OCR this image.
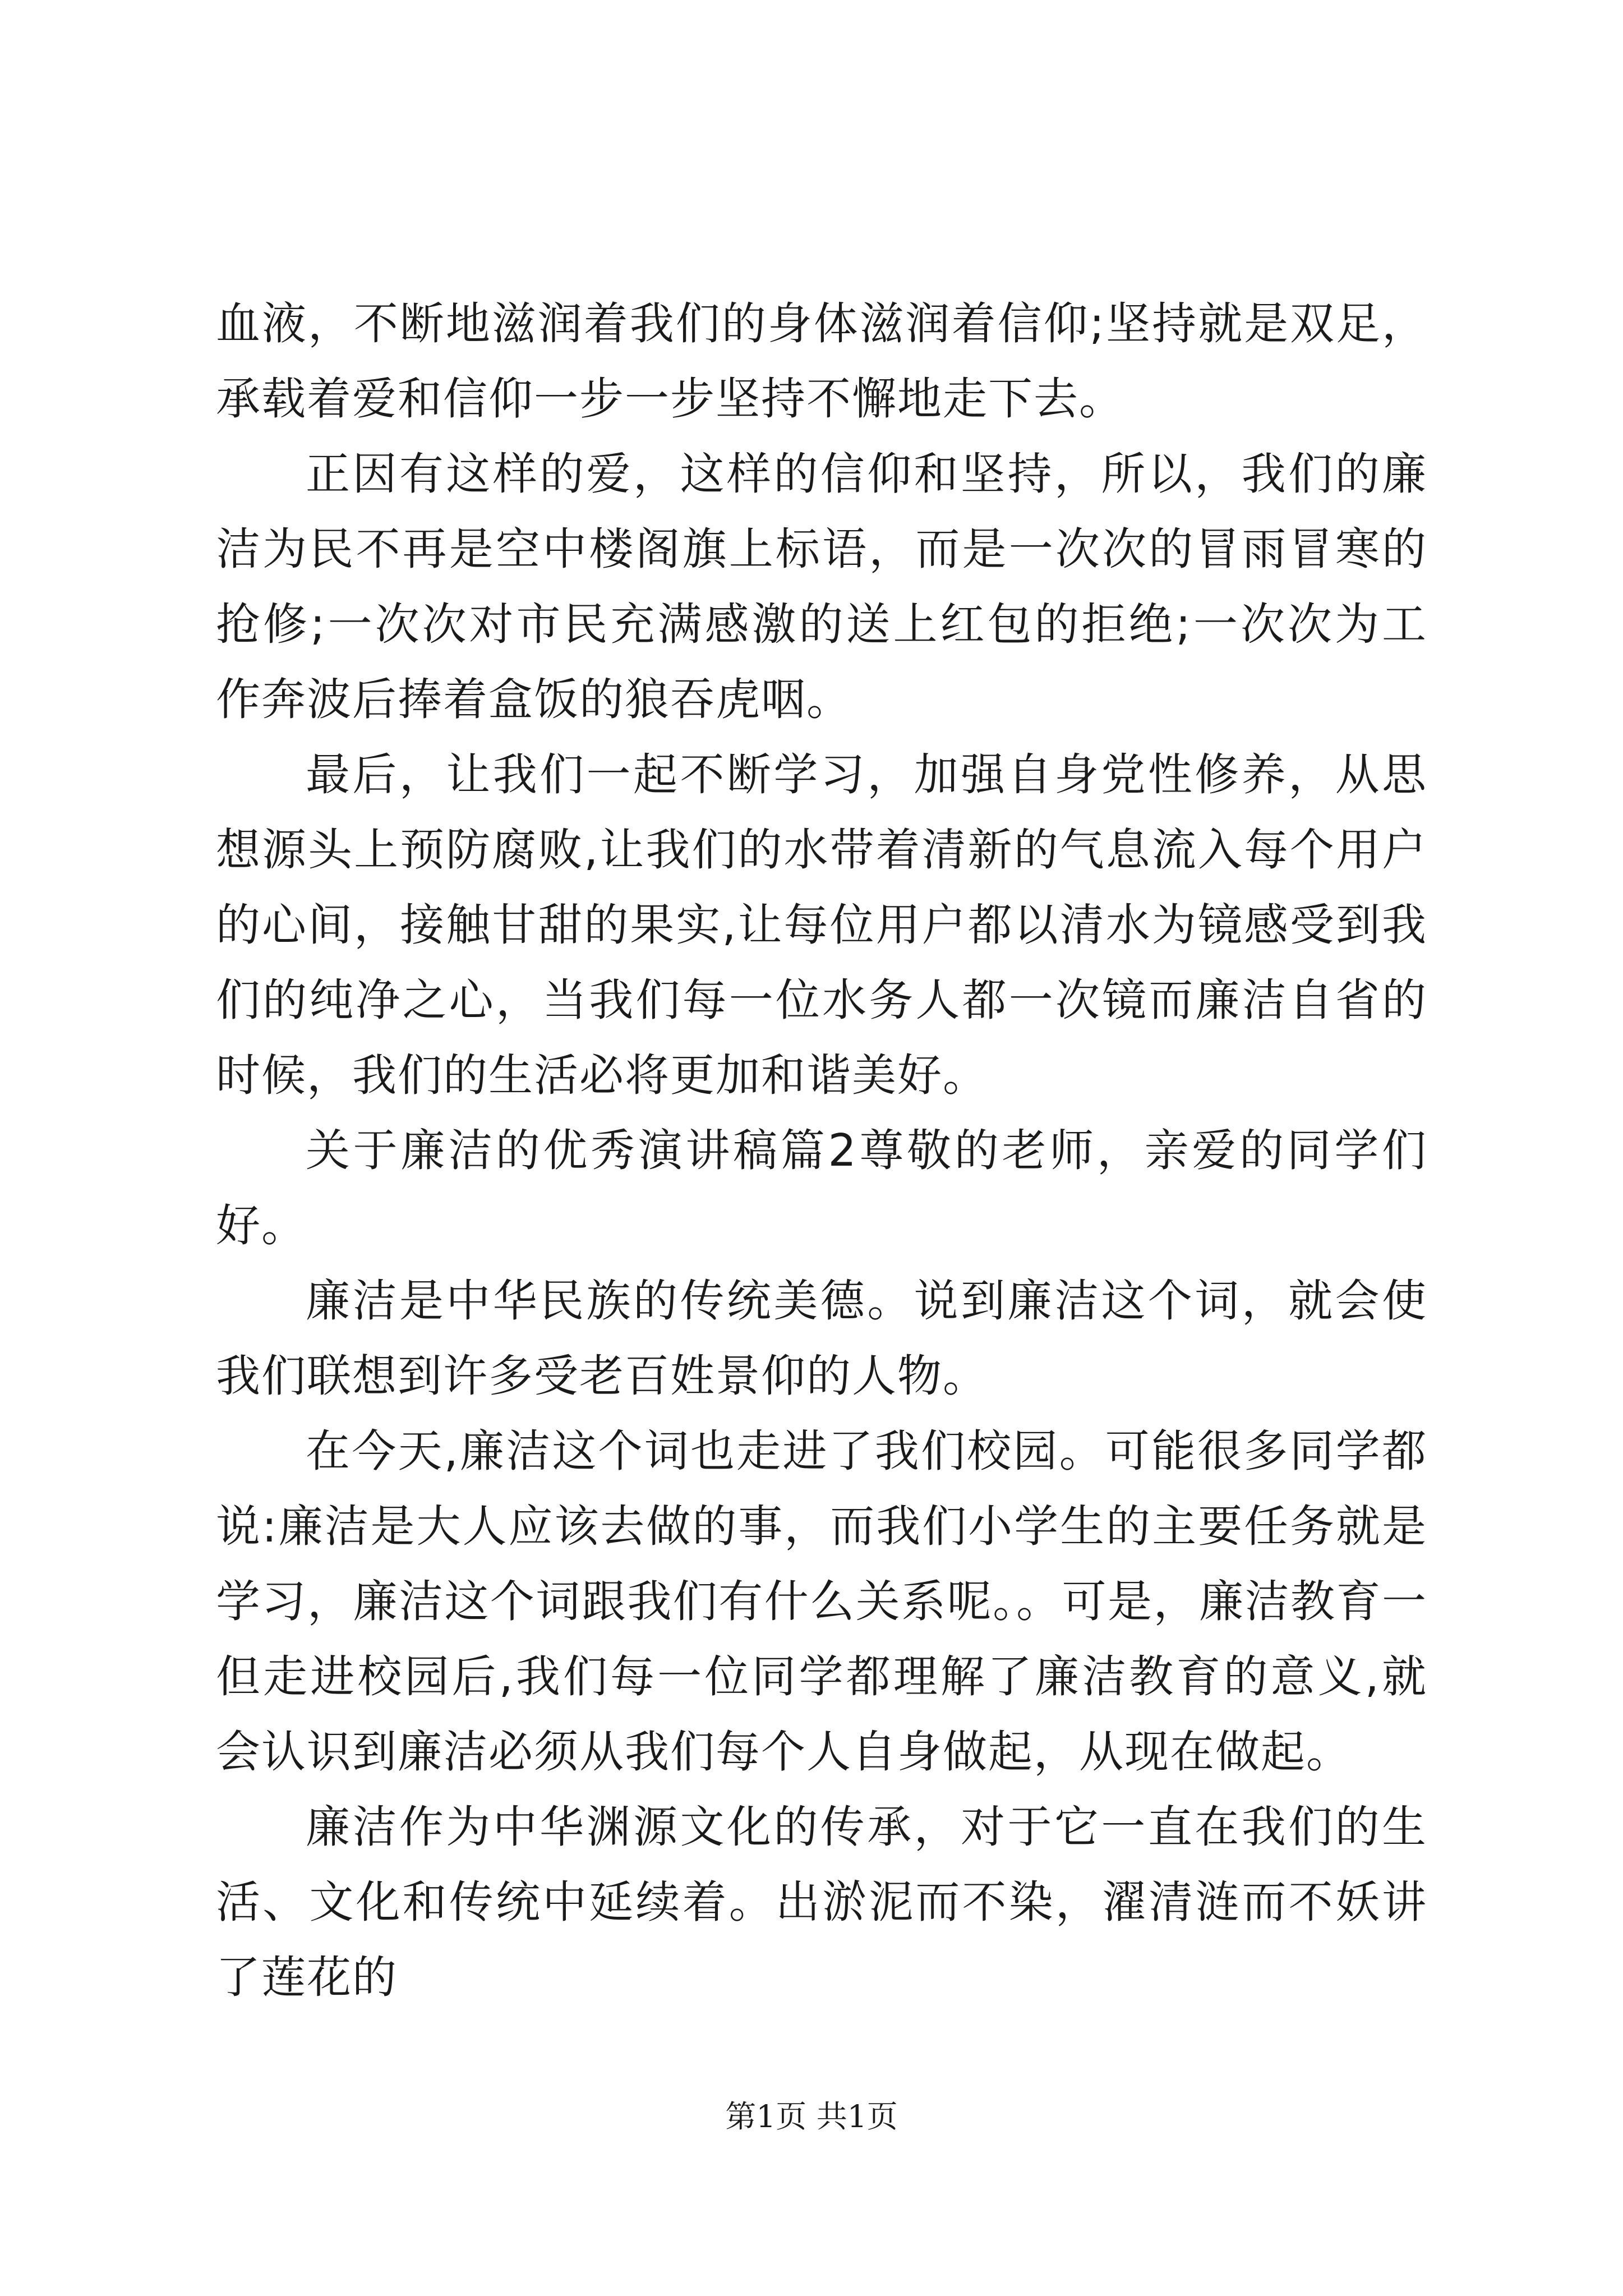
血液，不断地滋润着我们的身体滋润着信仰;坚持就是双足，承载着爱和信仰一步一步坚持不懈地走下去。

正因有这样的爱，这样的信仰和坚持，所以，我们的廉洁为民不再是空中楼阁旗上标语，而是一次次的冒雨冒寒的抢修;一次次对市民充满感激的送上红包的拒绝;一次次为工作奔波后捧着盒饭的狼吞虎咽。

最后，让我们一起不断学习，加强自身党性修养，从思想源头上预防腐败,让我们的水带着清新的气息流入每个用户的心间，接触甘甜的果实,让每位用户都以清水为镜感受到我们的纯净之心，当我们每一位水务人都一次镜而廉洁自省的时候，我们的生活必将更加和谐美好。

关于廉洁的优秀演讲稿篇2尊敬的老师，亲爱的同学们好。

廉洁是中华民族的传统美德。说到廉洁这个词，就会使我们联想到许多受老百姓景仰的人物。

在今天,廉洁这个词也走进了我们校园。可能很多同学都说:廉洁是大人应该去做的事，而我们小学生的主要任务就是学习，廉洁这个词跟我们有什么关系呢。。可是，廉洁教育一但走进校园后,我们每一位同学都理解了廉洁教育的意义,就会认识到廉洁必须从我们每个人自身做起，从现在做起。

廉洁作为中华渊源文化的传承，对于它一直在我们的生活、文化和传统中延续着。出淤泥而不染，濯清涟而不妖讲了莲花的

第1页 共1页
